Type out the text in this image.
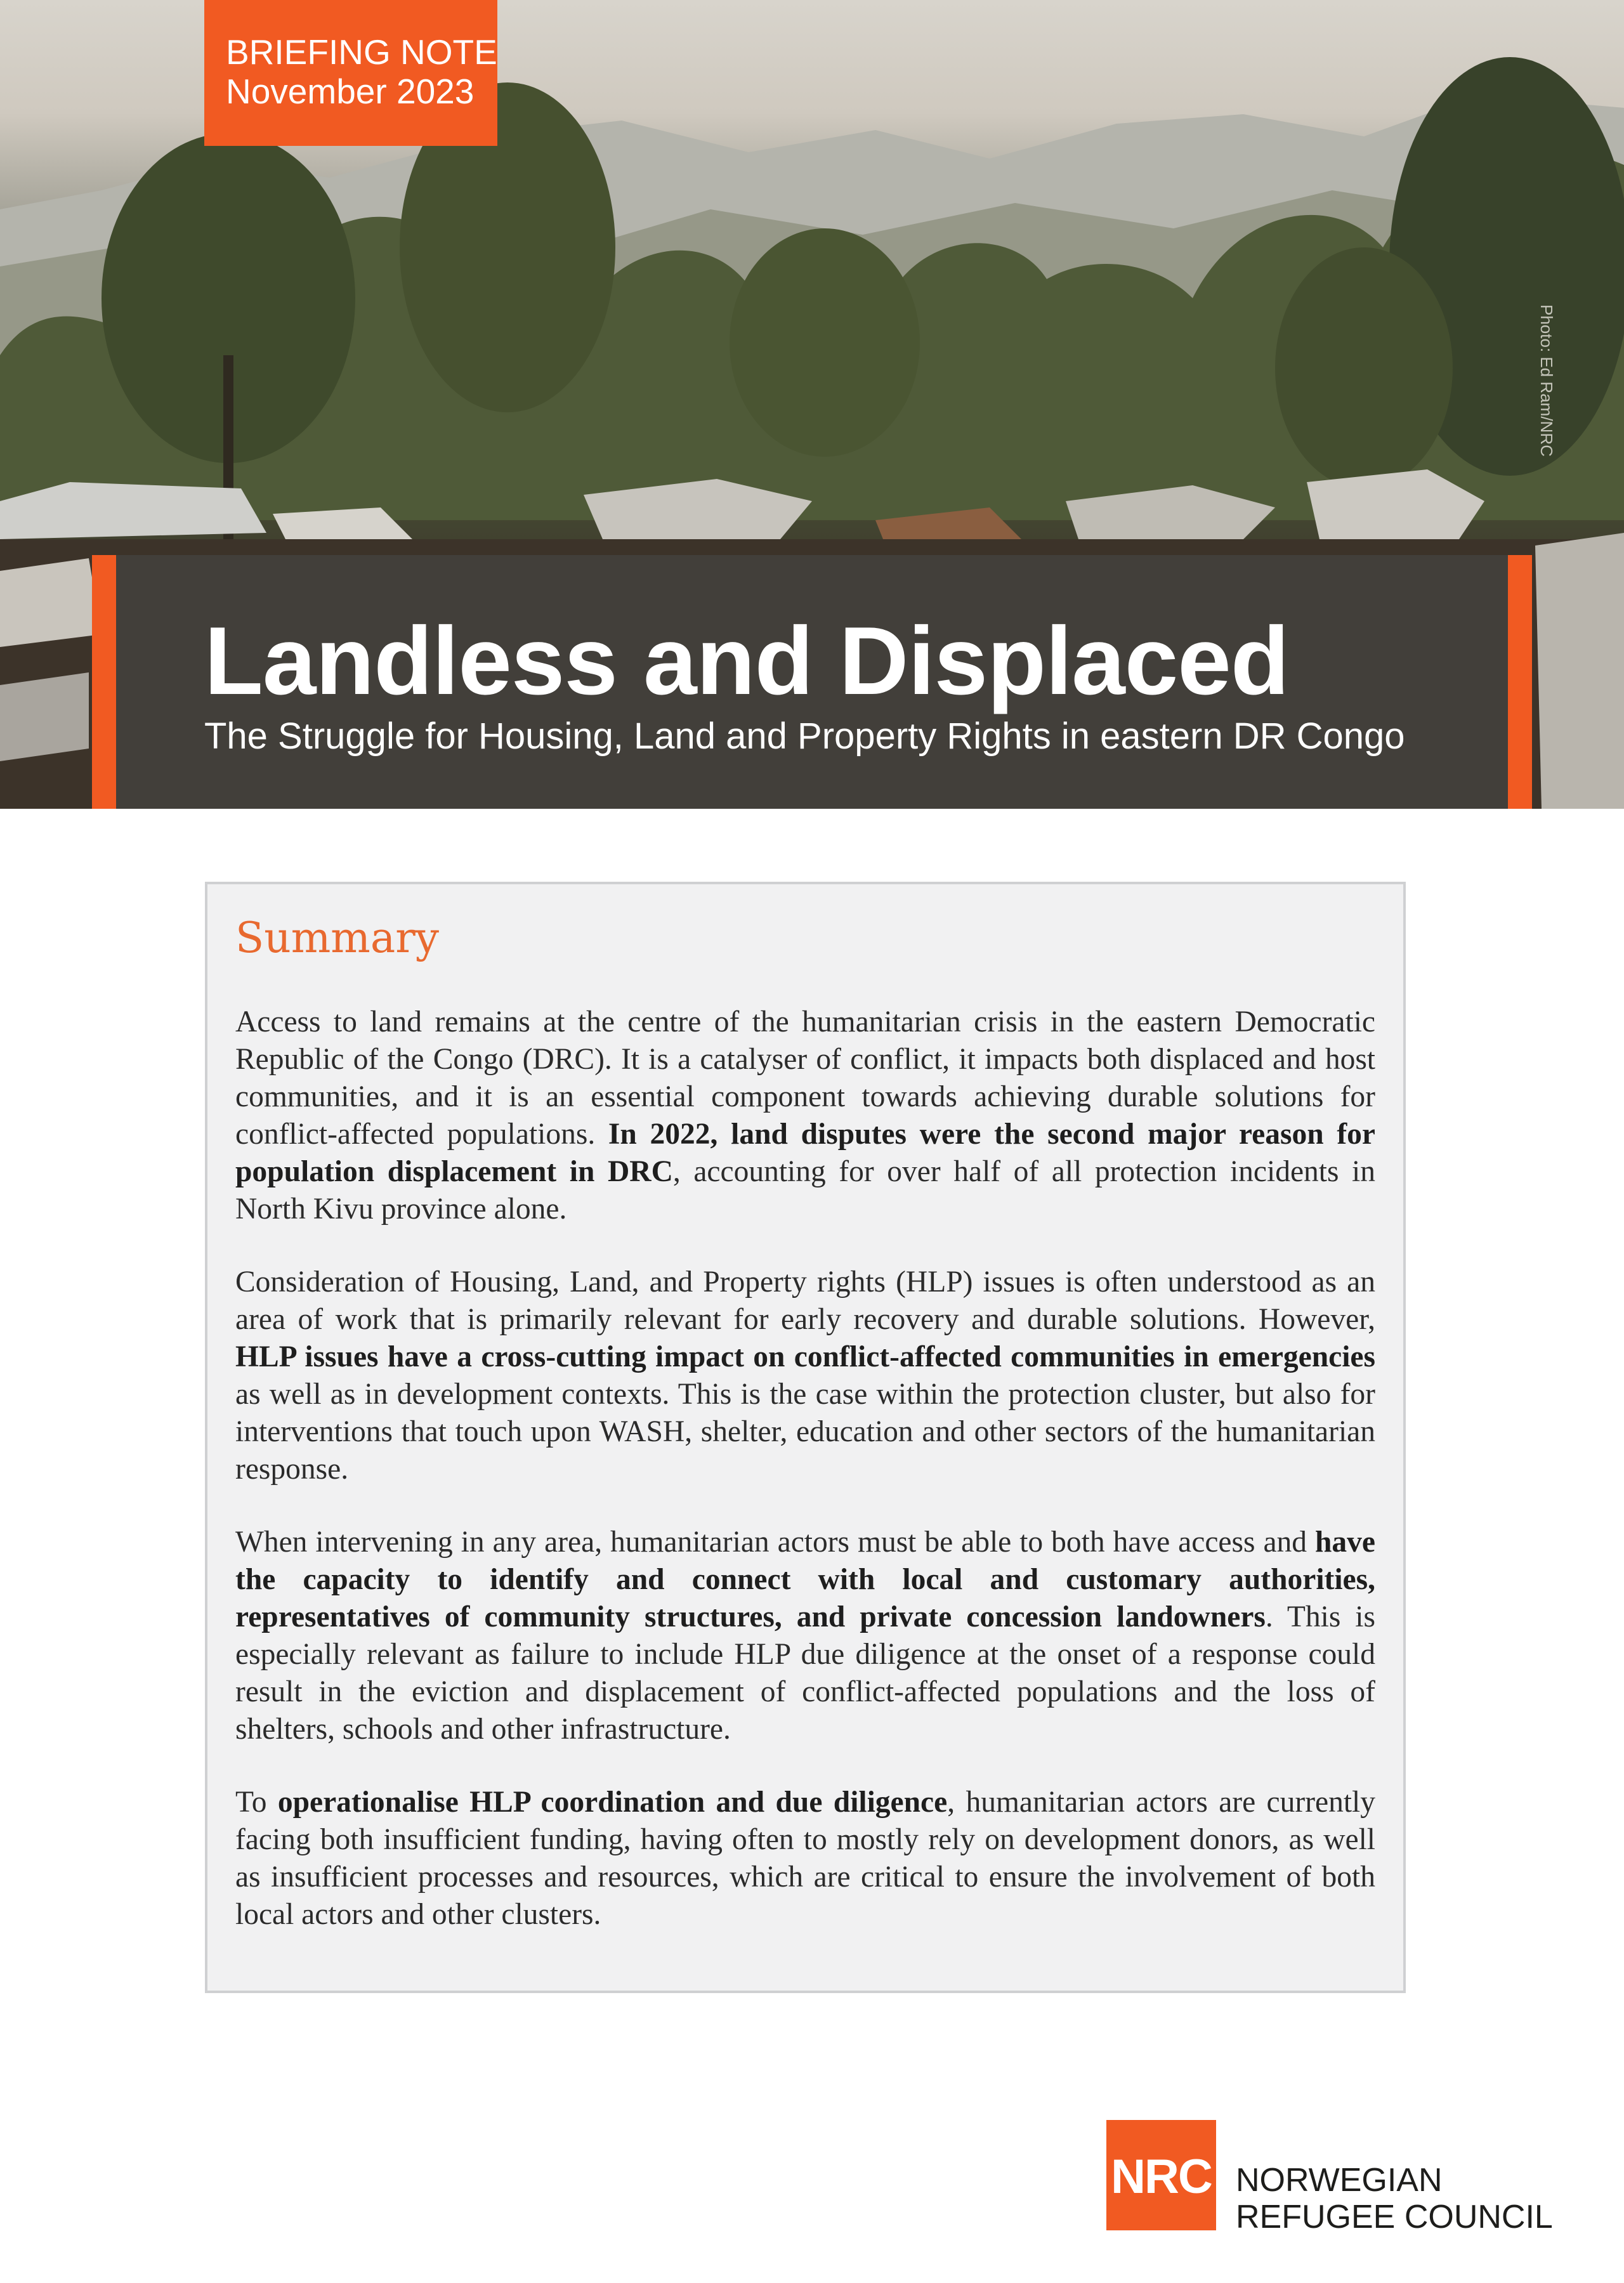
BRIEFING NOTE
November 2023
Photo: Ed Ram/NRC
Landless and Displaced
The Struggle for Housing, Land and Property Rights in eastern DR Congo
Summary

Access to land remains at the centre of the humanitarian crisis in the eastern Democratic Republic of the Congo (DRC). It is a catalyser of conflict, it impacts both displaced and host communities, and it is an essential component towards achieving durable solutions for conflict-affected populations. In 2022, land disputes were the second major reason for population displacement in DRC, accounting for over half of all protection incidents in North Kivu province alone.

Consideration of Housing, Land, and Property rights (HLP) issues is often understood as an area of work that is primarily relevant for early recovery and durable solutions. However, HLP issues have a cross-cutting impact on conflict-affected communities in emergencies as well as in development contexts. This is the case within the protection cluster, but also for interventions that touch upon WASH, shelter, education and other sectors of the humanitarian response.

When intervening in any area, humanitarian actors must be able to both have access and have the capacity to identify and connect with local and customary authorities, representatives of community structures, and private concession landowners. This is especially relevant as failure to include HLP due diligence at the onset of a response could result in the eviction and displacement of conflict-affected populations and the loss of shelters, schools and other infrastructure.

To operationalise HLP coordination and due diligence, humanitarian actors are currently facing both insufficient funding, having often to mostly rely on development donors, as well as insufficient processes and resources, which are critical to ensure the involvement of both local actors and other clusters.

NRC NORWEGIAN
REFUGEE COUNCIL
